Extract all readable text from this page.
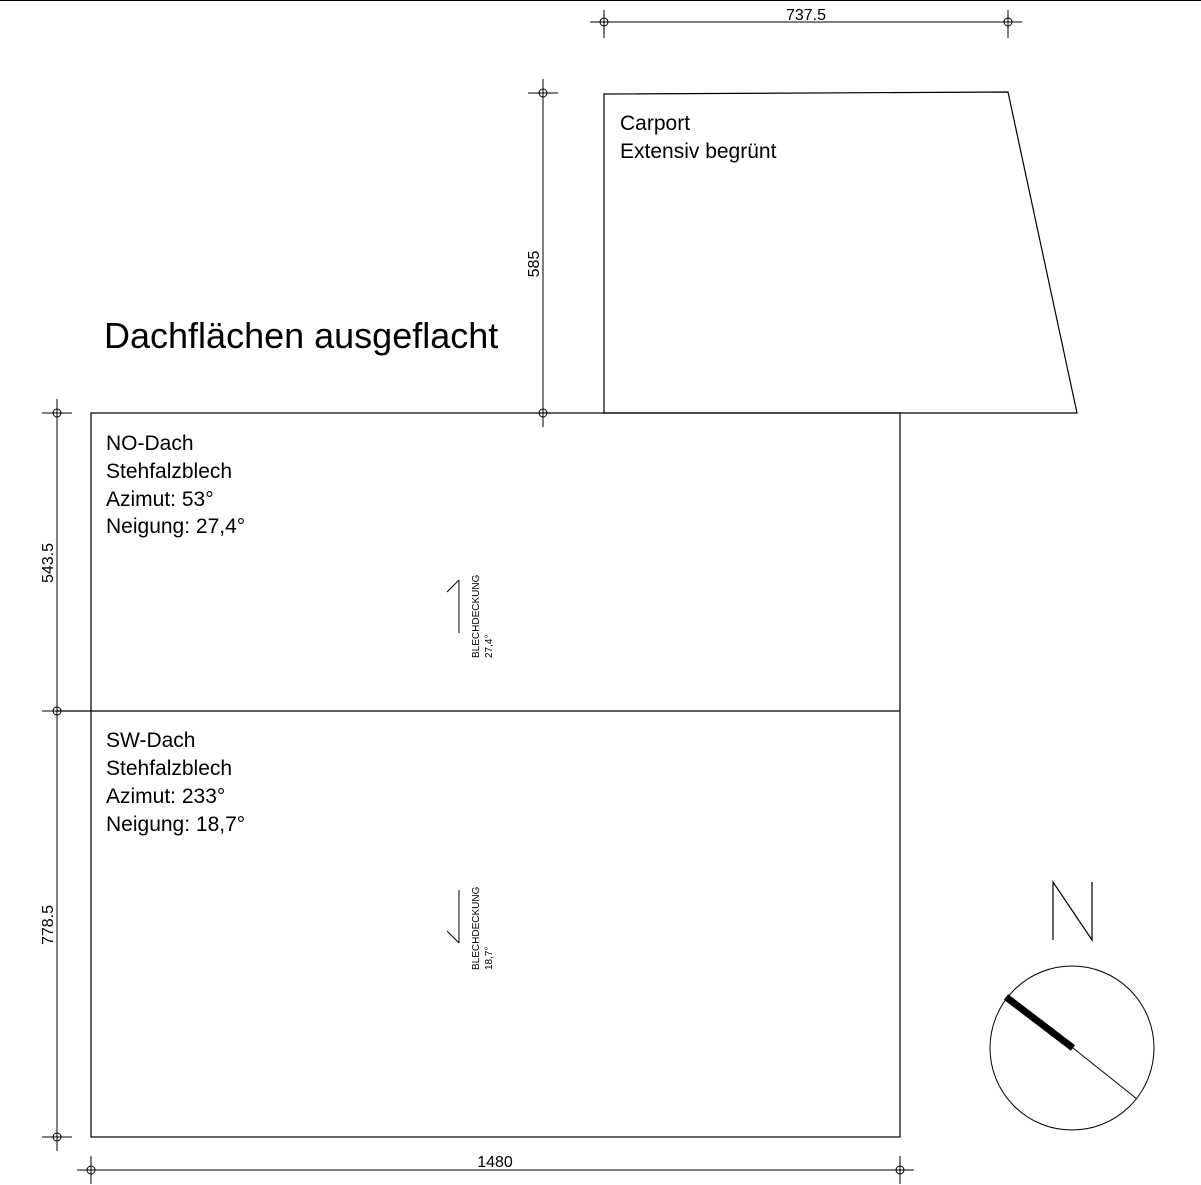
Dachflächen ausgeflacht
Carport
Extensiv begrünt
NO-Dach
Stehfalzblech
Azimut: 53°
Neigung: 27,4°
BLECHDECKUNG 27,4°
SW-Dach
Stehfalzblech
Azimut: 233°
Neigung: 18,7°
BLECHDECKUNG 18,7°
737.5
585
543.5
778.5
1480
